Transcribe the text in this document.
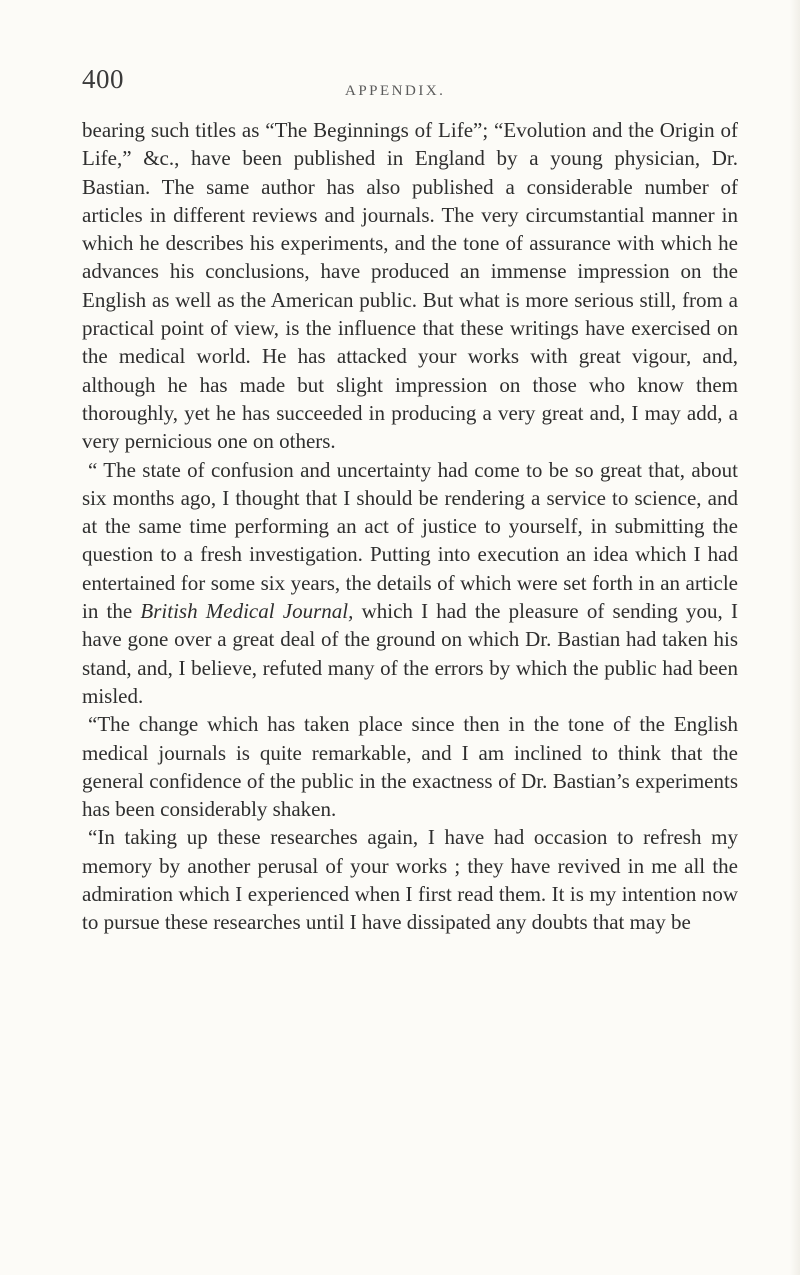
400	APPENDIX.

bearing such titles as “The Beginnings of Life”; “Evolution and the Origin of Life,” &c., have been published in England by a young physician, Dr. Bastian. The same author has also published a considerable number of articles in different reviews and journals. The very circumstantial manner in which he describes his experiments, and the tone of assurance with which he advances his conclusions, have produced an immense impression on the English as well as the American public. But what is more serious still, from a practical point of view, is the influence that these writings have exercised on the medical world. He has attacked your works with great vigour, and, although he has made but slight impression on those who know them thoroughly, yet he has succeeded in producing a very great and, I may add, a very pernicious one on others.

“ The state of confusion and uncertainty had come to be so great that, about six months ago, I thought that I should be rendering a service to science, and at the same time performing an act of justice to yourself, in submitting the question to a fresh investigation. Putting into execution an idea which I had entertained for some six years, the details of which were set forth in an article in the British Medical Journal, which I had the pleasure of sending you, I have gone over a great deal of the ground on which Dr. Bastian had taken his stand, and, I believe, refuted many of the errors by which the public had been misled.

“The change which has taken place since then in the tone of the English medical journals is quite remarkable, and I am inclined to think that the general confidence of the public in the exactness of Dr. Bastian’s experiments has been considerably shaken.

“In taking up these researches again, I have had occasion to refresh my memory by another perusal of your works ; they have revived in me all the admiration which I experienced when I first read them. It is my intention now to pursue these researches until I have dissipated any doubts that may be
